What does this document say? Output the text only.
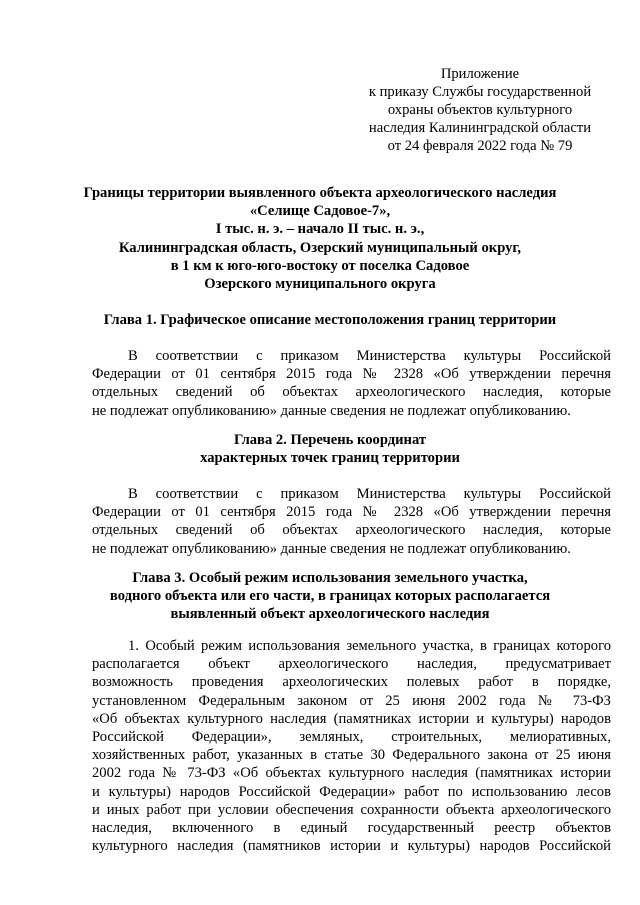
Приложение
к приказу Службы государственной
охраны объектов культурного
наследия Калининградской области
от 24 февраля 2022 года № 79
Границы территории выявленного объекта археологического наследия
«Селище Садовое-7»,
I тыс. н. э. – начало II тыс. н. э.,
Калининградская область, Озерский муниципальный округ,
в 1 км к юго-юго-востоку от поселка Садовое
Озерского муниципального округа
Глава 1. Графическое описание местоположения границ территории
В соответствии с приказом Министерства культуры Российской
Федерации от 01 сентября 2015 года № 2328 «Об утверждении перечня
отдельных сведений об объектах археологического наследия, которые
не подлежат опубликованию» данные сведения не подлежат опубликованию.
Глава 2. Перечень координат
характерных точек границ территории
В соответствии с приказом Министерства культуры Российской
Федерации от 01 сентября 2015 года № 2328 «Об утверждении перечня
отдельных сведений об объектах археологического наследия, которые
не подлежат опубликованию» данные сведения не подлежат опубликованию.
Глава 3. Особый режим использования земельного участка,
водного объекта или его части, в границах которых располагается
выявленный объект археологического наследия
1. Особый режим использования земельного участка, в границах которого
располагается объект археологического наследия, предусматривает
возможность проведения археологических полевых работ в порядке,
установленном Федеральным законом от 25 июня 2002 года № 73-ФЗ
«Об объектах культурного наследия (памятниках истории и культуры) народов
Российской Федерации», земляных, строительных, мелиоративных,
хозяйственных работ, указанных в статье 30 Федерального закона от 25 июня
2002 года № 73-ФЗ «Об объектах культурного наследия (памятниках истории
и культуры) народов Российской Федерации» работ по использованию лесов
и иных работ при условии обеспечения сохранности объекта археологического
наследия, включенного в единый государственный реестр объектов
культурного наследия (памятников истории и культуры) народов Российской
